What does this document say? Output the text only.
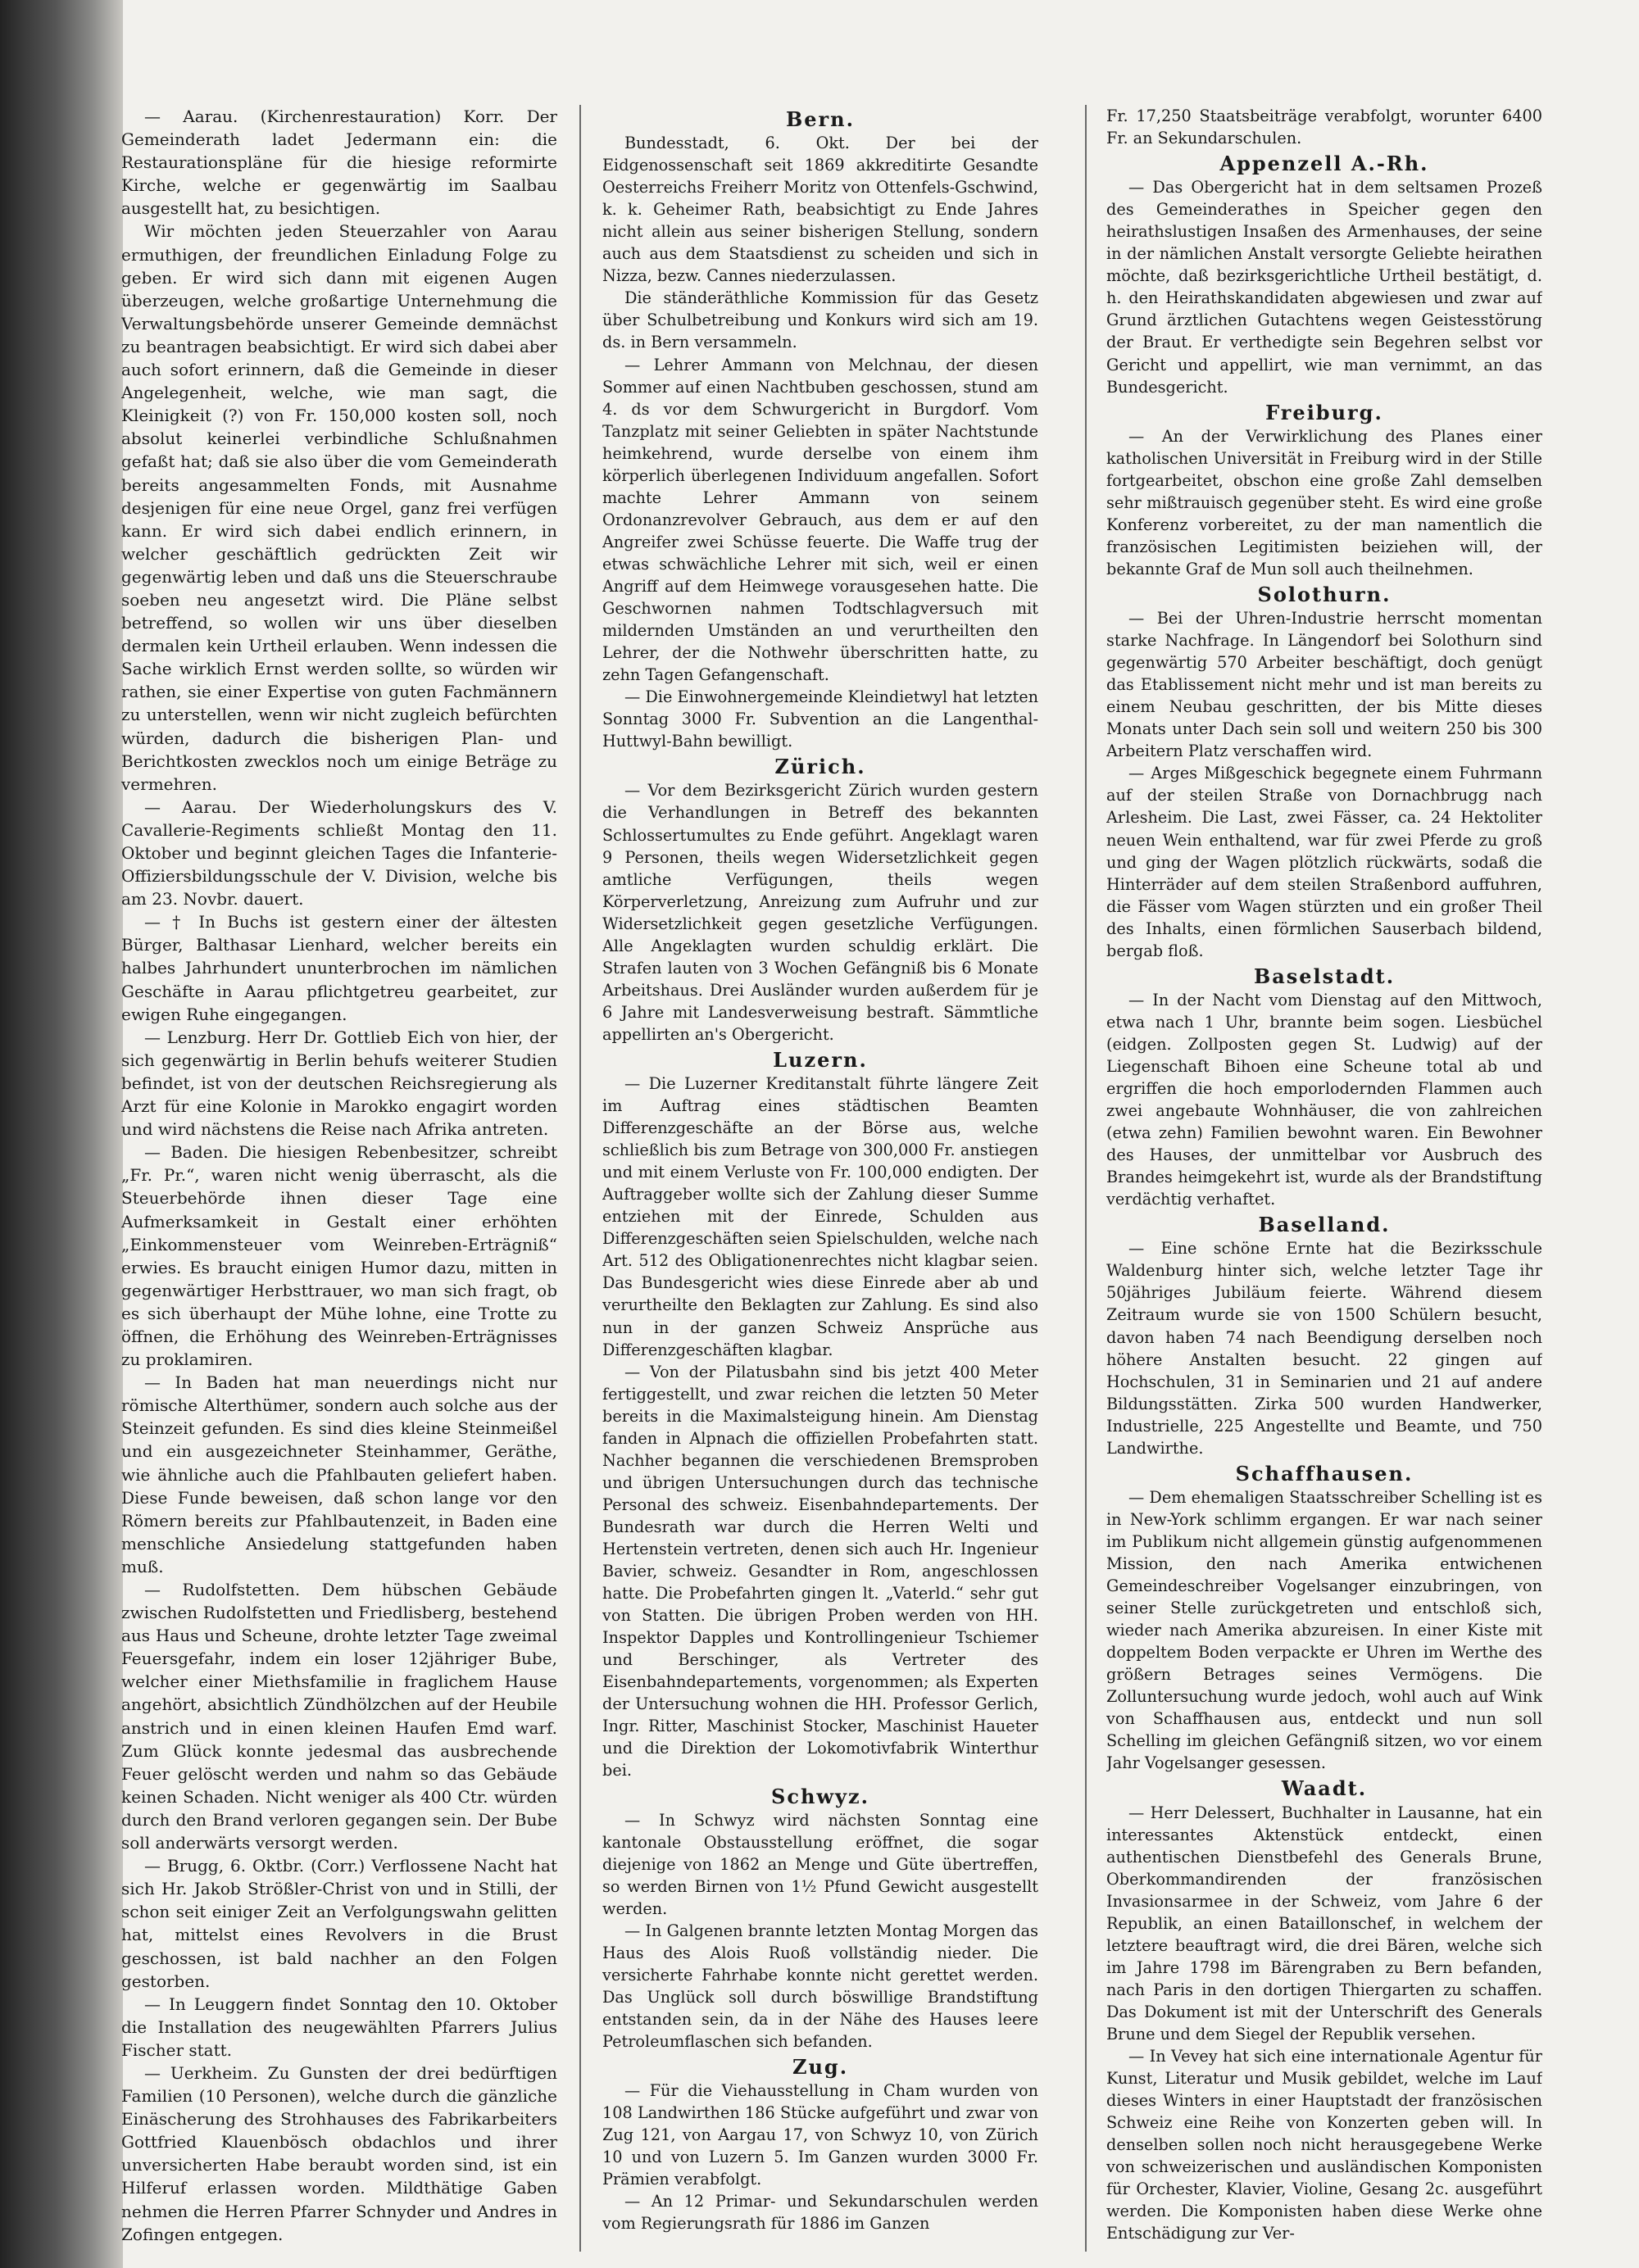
— Aarau. (Kirchenrestauration) Korr. Der Gemeinderath ladet Jedermann ein: die Restaurationspläne für die hiesige reformirte Kirche, welche er gegenwärtig im Saalbau ausgestellt hat, zu besichtigen.

Wir möchten jeden Steuerzahler von Aarau ermuthigen, der freundlichen Einladung Folge zu geben. Er wird sich dann mit eigenen Augen überzeugen, welche großartige Unternehmung die Verwaltungsbehörde unserer Gemeinde demnächst zu beantragen beabsichtigt. Er wird sich dabei aber auch sofort erinnern, daß die Gemeinde in dieser Angelegenheit, welche, wie man sagt, die Kleinigkeit (?) von Fr. 150,000 kosten soll, noch absolut keinerlei verbindliche Schlußnahmen gefaßt hat; daß sie also über die vom Gemeinderath bereits angesammelten Fonds, mit Ausnahme desjenigen für eine neue Orgel, ganz frei verfügen kann. Er wird sich dabei endlich erinnern, in welcher geschäftlich gedrückten Zeit wir gegenwärtig leben und daß uns die Steuerschraube soeben neu angesetzt wird. Die Pläne selbst betreffend, so wollen wir uns über dieselben dermalen kein Urtheil erlauben. Wenn indessen die Sache wirklich Ernst werden sollte, so würden wir rathen, sie einer Expertise von guten Fachmännern zu unterstellen, wenn wir nicht zugleich befürchten würden, dadurch die bisherigen Plan- und Berichtkosten zwecklos noch um einige Beträge zu vermehren.

— Aarau. Der Wiederholungskurs des V. Cavallerie-Regiments schließt Montag den 11. Oktober und beginnt gleichen Tages die Infanterie-Offiziersbildungsschule der V. Division, welche bis am 23. Novbr. dauert.

— † In Buchs ist gestern einer der ältesten Bürger, Balthasar Lienhard, welcher bereits ein halbes Jahrhundert ununterbrochen im nämlichen Geschäfte in Aarau pflichtgetreu gearbeitet, zur ewigen Ruhe eingegangen.

— Lenzburg. Herr Dr. Gottlieb Eich von hier, der sich gegenwärtig in Berlin behufs weiterer Studien befindet, ist von der deutschen Reichsregierung als Arzt für eine Kolonie in Marokko engagirt worden und wird nächstens die Reise nach Afrika antreten.

— Baden. Die hiesigen Rebenbesitzer, schreibt „Fr. Pr.“, waren nicht wenig überrascht, als die Steuerbehörde ihnen dieser Tage eine Aufmerksamkeit in Gestalt einer erhöhten „Einkommensteuer vom Weinreben-Erträgniß“ erwies. Es braucht einigen Humor dazu, mitten in gegenwärtiger Herbsttrauer, wo man sich fragt, ob es sich überhaupt der Mühe lohne, eine Trotte zu öffnen, die Erhöhung des Weinreben-Erträgnisses zu proklamiren.

— In Baden hat man neuerdings nicht nur römische Alterthümer, sondern auch solche aus der Steinzeit gefunden. Es sind dies kleine Steinmeißel und ein ausgezeichneter Steinhammer, Geräthe, wie ähnliche auch die Pfahlbauten geliefert haben. Diese Funde beweisen, daß schon lange vor den Römern bereits zur Pfahlbautenzeit, in Baden eine menschliche Ansiedelung stattgefunden haben muß.

— Rudolfstetten. Dem hübschen Gebäude zwischen Rudolfstetten und Friedlisberg, bestehend aus Haus und Scheune, drohte letzter Tage zweimal Feuersgefahr, indem ein loser 12jähriger Bube, welcher einer Miethsfamilie in fraglichem Hause angehört, absichtlich Zündhölzchen auf der Heubile anstrich und in einen kleinen Haufen Emd warf. Zum Glück konnte jedesmal das ausbrechende Feuer gelöscht werden und nahm so das Gebäude keinen Schaden. Nicht weniger als 400 Ctr. würden durch den Brand verloren gegangen sein. Der Bube soll anderwärts versorgt werden.

— Brugg, 6. Oktbr. (Corr.) Verflossene Nacht hat sich Hr. Jakob Strößler-Christ von und in Stilli, der schon seit einiger Zeit an Verfolgungswahn gelitten hat, mittelst eines Revolvers in die Brust geschossen, ist bald nachher an den Folgen gestorben.

— In Leuggern findet Sonntag den 10. Oktober die Installation des neugewählten Pfarrers Julius Fischer statt.

— Uerkheim. Zu Gunsten der drei bedürftigen Familien (10 Personen), welche durch die gänzliche Einäscherung des Strohhauses des Fabrikarbeiters Gottfried Klauenbösch obdachlos und ihrer unversicherten Habe beraubt worden sind, ist ein Hilferuf erlassen worden. Mildthätige Gaben nehmen die Herren Pfarrer Schnyder und Andres in Zofingen entgegen.

Bern.

Bundesstadt, 6. Okt. Der bei der Eidgenossenschaft seit 1869 akkreditirte Gesandte Oesterreichs Freiherr Moritz von Ottenfels-Gschwind, k. k. Geheimer Rath, beabsichtigt zu Ende Jahres nicht allein aus seiner bisherigen Stellung, sondern auch aus dem Staatsdienst zu scheiden und sich in Nizza, bezw. Cannes niederzulassen.

Die ständeräthliche Kommission für das Gesetz über Schulbetreibung und Konkurs wird sich am 19. ds. in Bern versammeln.

— Lehrer Ammann von Melchnau, der diesen Sommer auf einen Nachtbuben geschossen, stund am 4. ds vor dem Schwurgericht in Burgdorf. Vom Tanzplatz mit seiner Geliebten in später Nachtstunde heimkehrend, wurde derselbe von einem ihm körperlich überlegenen Individuum angefallen. Sofort machte Lehrer Ammann von seinem Ordonanzrevolver Gebrauch, aus dem er auf den Angreifer zwei Schüsse feuerte. Die Waffe trug der etwas schwächliche Lehrer mit sich, weil er einen Angriff auf dem Heimwege vorausgesehen hatte. Die Geschwornen nahmen Todtschlagversuch mit mildernden Umständen an und verurtheilten den Lehrer, der die Nothwehr überschritten hatte, zu zehn Tagen Gefangenschaft.

— Die Einwohnergemeinde Kleindietwyl hat letzten Sonntag 3000 Fr. Subvention an die Langenthal-Huttwyl-Bahn bewilligt.

Zürich.

— Vor dem Bezirksgericht Zürich wurden gestern die Verhandlungen in Betreff des bekannten Schlossertumultes zu Ende geführt. Angeklagt waren 9 Personen, theils wegen Widersetzlichkeit gegen amtliche Verfügungen, theils wegen Körperverletzung, Anreizung zum Aufruhr und zur Widersetzlichkeit gegen gesetzliche Verfügungen. Alle Angeklagten wurden schuldig erklärt. Die Strafen lauten von 3 Wochen Gefängniß bis 6 Monate Arbeitshaus. Drei Ausländer wurden außerdem für je 6 Jahre mit Landesverweisung bestraft. Sämmtliche appellirten an's Obergericht.

Luzern.

— Die Luzerner Kreditanstalt führte längere Zeit im Auftrag eines städtischen Beamten Differenzgeschäfte an der Börse aus, welche schließlich bis zum Betrage von 300,000 Fr. anstiegen und mit einem Verluste von Fr. 100,000 endigten. Der Auftraggeber wollte sich der Zahlung dieser Summe entziehen mit der Einrede, Schulden aus Differenzgeschäften seien Spielschulden, welche nach Art. 512 des Obligationenrechtes nicht klagbar seien. Das Bundesgericht wies diese Einrede aber ab und verurtheilte den Beklagten zur Zahlung. Es sind also nun in der ganzen Schweiz Ansprüche aus Differenzgeschäften klagbar.

— Von der Pilatusbahn sind bis jetzt 400 Meter fertiggestellt, und zwar reichen die letzten 50 Meter bereits in die Maximalsteigung hinein. Am Dienstag fanden in Alpnach die offiziellen Probefahrten statt. Nachher begannen die verschiedenen Bremsproben und übrigen Untersuchungen durch das technische Personal des schweiz. Eisenbahndepartements. Der Bundesrath war durch die Herren Welti und Hertenstein vertreten, denen sich auch Hr. Ingenieur Bavier, schweiz. Gesandter in Rom, angeschlossen hatte. Die Probefahrten gingen lt. „Vaterld.“ sehr gut von Statten. Die übrigen Proben werden von HH. Inspektor Dapples und Kontrollingenieur Tschiemer und Berschinger, als Vertreter des Eisenbahndepartements, vorgenommen; als Experten der Untersuchung wohnen die HH. Professor Gerlich, Ingr. Ritter, Maschinist Stocker, Maschinist Haueter und die Direktion der Lokomotivfabrik Winterthur bei.

Schwyz.

— In Schwyz wird nächsten Sonntag eine kantonale Obstausstellung eröffnet, die sogar diejenige von 1862 an Menge und Güte übertreffen, so werden Birnen von 1½ Pfund Gewicht ausgestellt werden.

— In Galgenen brannte letzten Montag Morgen das Haus des Alois Ruoß vollständig nieder. Die versicherte Fahrhabe konnte nicht gerettet werden. Das Unglück soll durch böswillige Brandstiftung entstanden sein, da in der Nähe des Hauses leere Petroleumflaschen sich befanden.

Zug.

— Für die Viehausstellung in Cham wurden von 108 Landwirthen 186 Stücke aufgeführt und zwar von Zug 121, von Aargau 17, von Schwyz 10, von Zürich 10 und von Luzern 5. Im Ganzen wurden 3000 Fr. Prämien verabfolgt.

— An 12 Primar- und Sekundarschulen werden vom Regierungsrath für 1886 im Ganzen

Fr. 17,250 Staatsbeiträge verabfolgt, worunter 6400 Fr. an Sekundarschulen.

Appenzell A.-Rh.

— Das Obergericht hat in dem seltsamen Prozeß des Gemeinderathes in Speicher gegen den heirathslustigen Insaßen des Armenhauses, der seine in der nämlichen Anstalt versorgte Geliebte heirathen möchte, daß bezirksgerichtliche Urtheil bestätigt, d. h. den Heirathskandidaten abgewiesen und zwar auf Grund ärztlichen Gutachtens wegen Geistesstörung der Braut. Er verthedigte sein Begehren selbst vor Gericht und appellirt, wie man vernimmt, an das Bundesgericht.

Freiburg.

— An der Verwirklichung des Planes einer katholischen Universität in Freiburg wird in der Stille fortgearbeitet, obschon eine große Zahl demselben sehr mißtrauisch gegenüber steht. Es wird eine große Konferenz vorbereitet, zu der man namentlich die französischen Legitimisten beiziehen will, der bekannte Graf de Mun soll auch theilnehmen.

Solothurn.

— Bei der Uhren-Industrie herrscht momentan starke Nachfrage. In Längendorf bei Solothurn sind gegenwärtig 570 Arbeiter beschäftigt, doch genügt das Etablissement nicht mehr und ist man bereits zu einem Neubau geschritten, der bis Mitte dieses Monats unter Dach sein soll und weitern 250 bis 300 Arbeitern Platz verschaffen wird.

— Arges Mißgeschick begegnete einem Fuhrmann auf der steilen Straße von Dornachbrugg nach Arlesheim. Die Last, zwei Fässer, ca. 24 Hektoliter neuen Wein enthaltend, war für zwei Pferde zu groß und ging der Wagen plötzlich rückwärts, sodaß die Hinterräder auf dem steilen Straßenbord auffuhren, die Fässer vom Wagen stürzten und ein großer Theil des Inhalts, einen förmlichen Sauserbach bildend, bergab floß.

Baselstadt.

— In der Nacht vom Dienstag auf den Mittwoch, etwa nach 1 Uhr, brannte beim sogen. Liesbüchel (eidgen. Zollposten gegen St. Ludwig) auf der Liegenschaft Bihoen eine Scheune total ab und ergriffen die hoch emporlodernden Flammen auch zwei angebaute Wohnhäuser, die von zahlreichen (etwa zehn) Familien bewohnt waren. Ein Bewohner des Hauses, der unmittelbar vor Ausbruch des Brandes heimgekehrt ist, wurde als der Brandstiftung verdächtig verhaftet.

Baselland.

— Eine schöne Ernte hat die Bezirksschule Waldenburg hinter sich, welche letzter Tage ihr 50jähriges Jubiläum feierte. Während diesem Zeitraum wurde sie von 1500 Schülern besucht, davon haben 74 nach Beendigung derselben noch höhere Anstalten besucht. 22 gingen auf Hochschulen, 31 in Seminarien und 21 auf andere Bildungsstätten. Zirka 500 wurden Handwerker, Industrielle, 225 Angestellte und Beamte, und 750 Landwirthe.

Schaffhausen.

— Dem ehemaligen Staatsschreiber Schelling ist es in New-York schlimm ergangen. Er war nach seiner im Publikum nicht allgemein günstig aufgenommenen Mission, den nach Amerika entwichenen Gemeindeschreiber Vogelsanger einzubringen, von seiner Stelle zurückgetreten und entschloß sich, wieder nach Amerika abzureisen. In einer Kiste mit doppeltem Boden verpackte er Uhren im Werthe des größern Betrages seines Vermögens. Die Zolluntersuchung wurde jedoch, wohl auch auf Wink von Schaffhausen aus, entdeckt und nun soll Schelling im gleichen Gefängniß sitzen, wo vor einem Jahr Vogelsanger gesessen.

Waadt.

— Herr Delessert, Buchhalter in Lausanne, hat ein interessantes Aktenstück entdeckt, einen authentischen Dienstbefehl des Generals Brune, Oberkommandirenden der französischen Invasionsarmee in der Schweiz, vom Jahre 6 der Republik, an einen Bataillonschef, in welchem der letztere beauftragt wird, die drei Bären, welche sich im Jahre 1798 im Bärengraben zu Bern befanden, nach Paris in den dortigen Thiergarten zu schaffen. Das Dokument ist mit der Unterschrift des Generals Brune und dem Siegel der Republik versehen.

— In Vevey hat sich eine internationale Agentur für Kunst, Literatur und Musik gebildet, welche im Lauf dieses Winters in einer Hauptstadt der französischen Schweiz eine Reihe von Konzerten geben will. In denselben sollen noch nicht herausgegebene Werke von schweizerischen und ausländischen Komponisten für Orchester, Klavier, Violine, Gesang 2c. ausgeführt werden. Die Komponisten haben diese Werke ohne Entschädigung zur Ver-
